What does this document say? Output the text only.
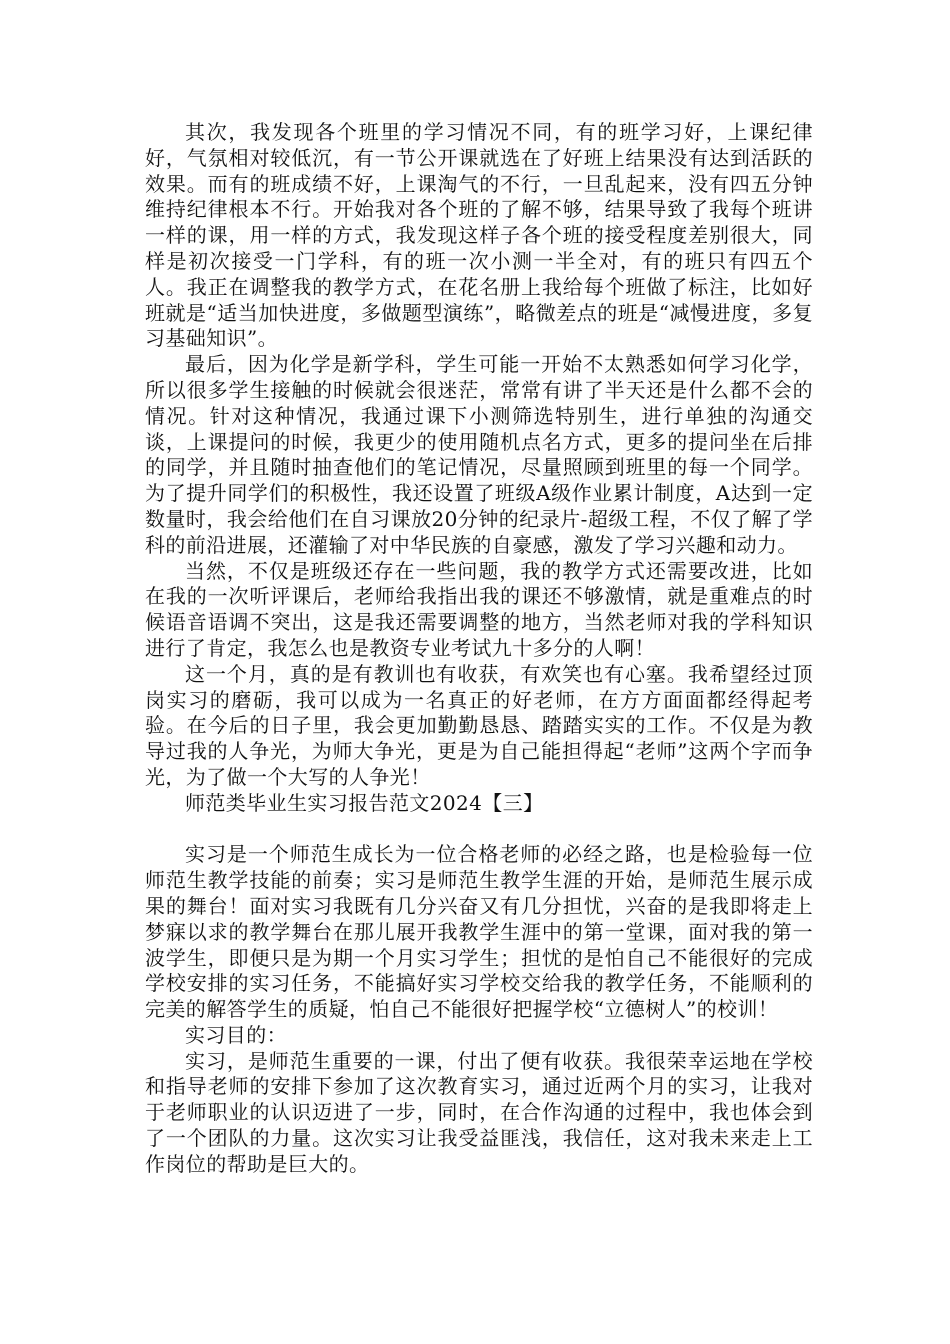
其次，我发现各个班里的学习情况不同，有的班学习好，上课纪律好，气氛相对较低沉，有一节公开课就选在了好班上结果没有达到活跃的效果。而有的班成绩不好，上课淘气的不行，一旦乱起来，没有四五分钟维持纪律根本不行。开始我对各个班的了解不够，结果导致了我每个班讲一样的课，用一样的方式，我发现这样子各个班的接受程度差别很大，同样是初次接受一门学科，有的班一次小测一半全对，有的班只有四五个人。我正在调整我的教学方式，在花名册上我给每个班做了标注，比如好班就是“适当加快进度，多做题型演练”，略微差点的班是“减慢进度，多复习基础知识”。

最后，因为化学是新学科，学生可能一开始不太熟悉如何学习化学，所以很多学生接触的时候就会很迷茫，常常有讲了半天还是什么都不会的情况。针对这种情况，我通过课下小测筛选特别生，进行单独的沟通交谈，上课提问的时候，我更少的使用随机点名方式，更多的提问坐在后排的同学，并且随时抽查他们的笔记情况，尽量照顾到班里的每一个同学。为了提升同学们的积极性，我还设置了班级A级作业累计制度，A达到一定数量时，我会给他们在自习课放20分钟的纪录片-超级工程，不仅了解了学科的前沿进展，还灌输了对中华民族的自豪感，激发了学习兴趣和动力。

当然，不仅是班级还存在一些问题，我的教学方式还需要改进，比如在我的一次听评课后，老师给我指出我的课还不够激情，就是重难点的时候语音语调不突出，这是我还需要调整的地方，当然老师对我的学科知识进行了肯定，我怎么也是教资专业考试九十多分的人啊！

这一个月，真的是有教训也有收获，有欢笑也有心塞。我希望经过顶岗实习的磨砺，我可以成为一名真正的好老师，在方方面面都经得起考验。在今后的日子里，我会更加勤勤恳恳、踏踏实实的工作。不仅是为教导过我的人争光，为师大争光，更是为自己能担得起“老师”这两个字而争光，为了做一个大写的人争光！

师范类毕业生实习报告范文2024【三】

实习是一个师范生成长为一位合格老师的必经之路，也是检验每一位师范生教学技能的前奏；实习是师范生教学生涯的开始，是师范生展示成果的舞台！面对实习我既有几分兴奋又有几分担忧，兴奋的是我即将走上梦寐以求的教学舞台在那儿展开我教学生涯中的第一堂课，面对我的第一波学生，即便只是为期一个月实习学生；担忧的是怕自己不能很好的完成学校安排的实习任务，不能搞好实习学校交给我的教学任务，不能顺利的完美的解答学生的质疑，怕自己不能很好把握学校“立德树人”的校训！

实习目的：

实习，是师范生重要的一课，付出了便有收获。我很荣幸运地在学校和指导老师的安排下参加了这次教育实习，通过近两个月的实习，让我对于老师职业的认识迈进了一步，同时，在合作沟通的过程中，我也体会到了一个团队的力量。这次实习让我受益匪浅，我信任，这对我未来走上工作岗位的帮助是巨大的。
